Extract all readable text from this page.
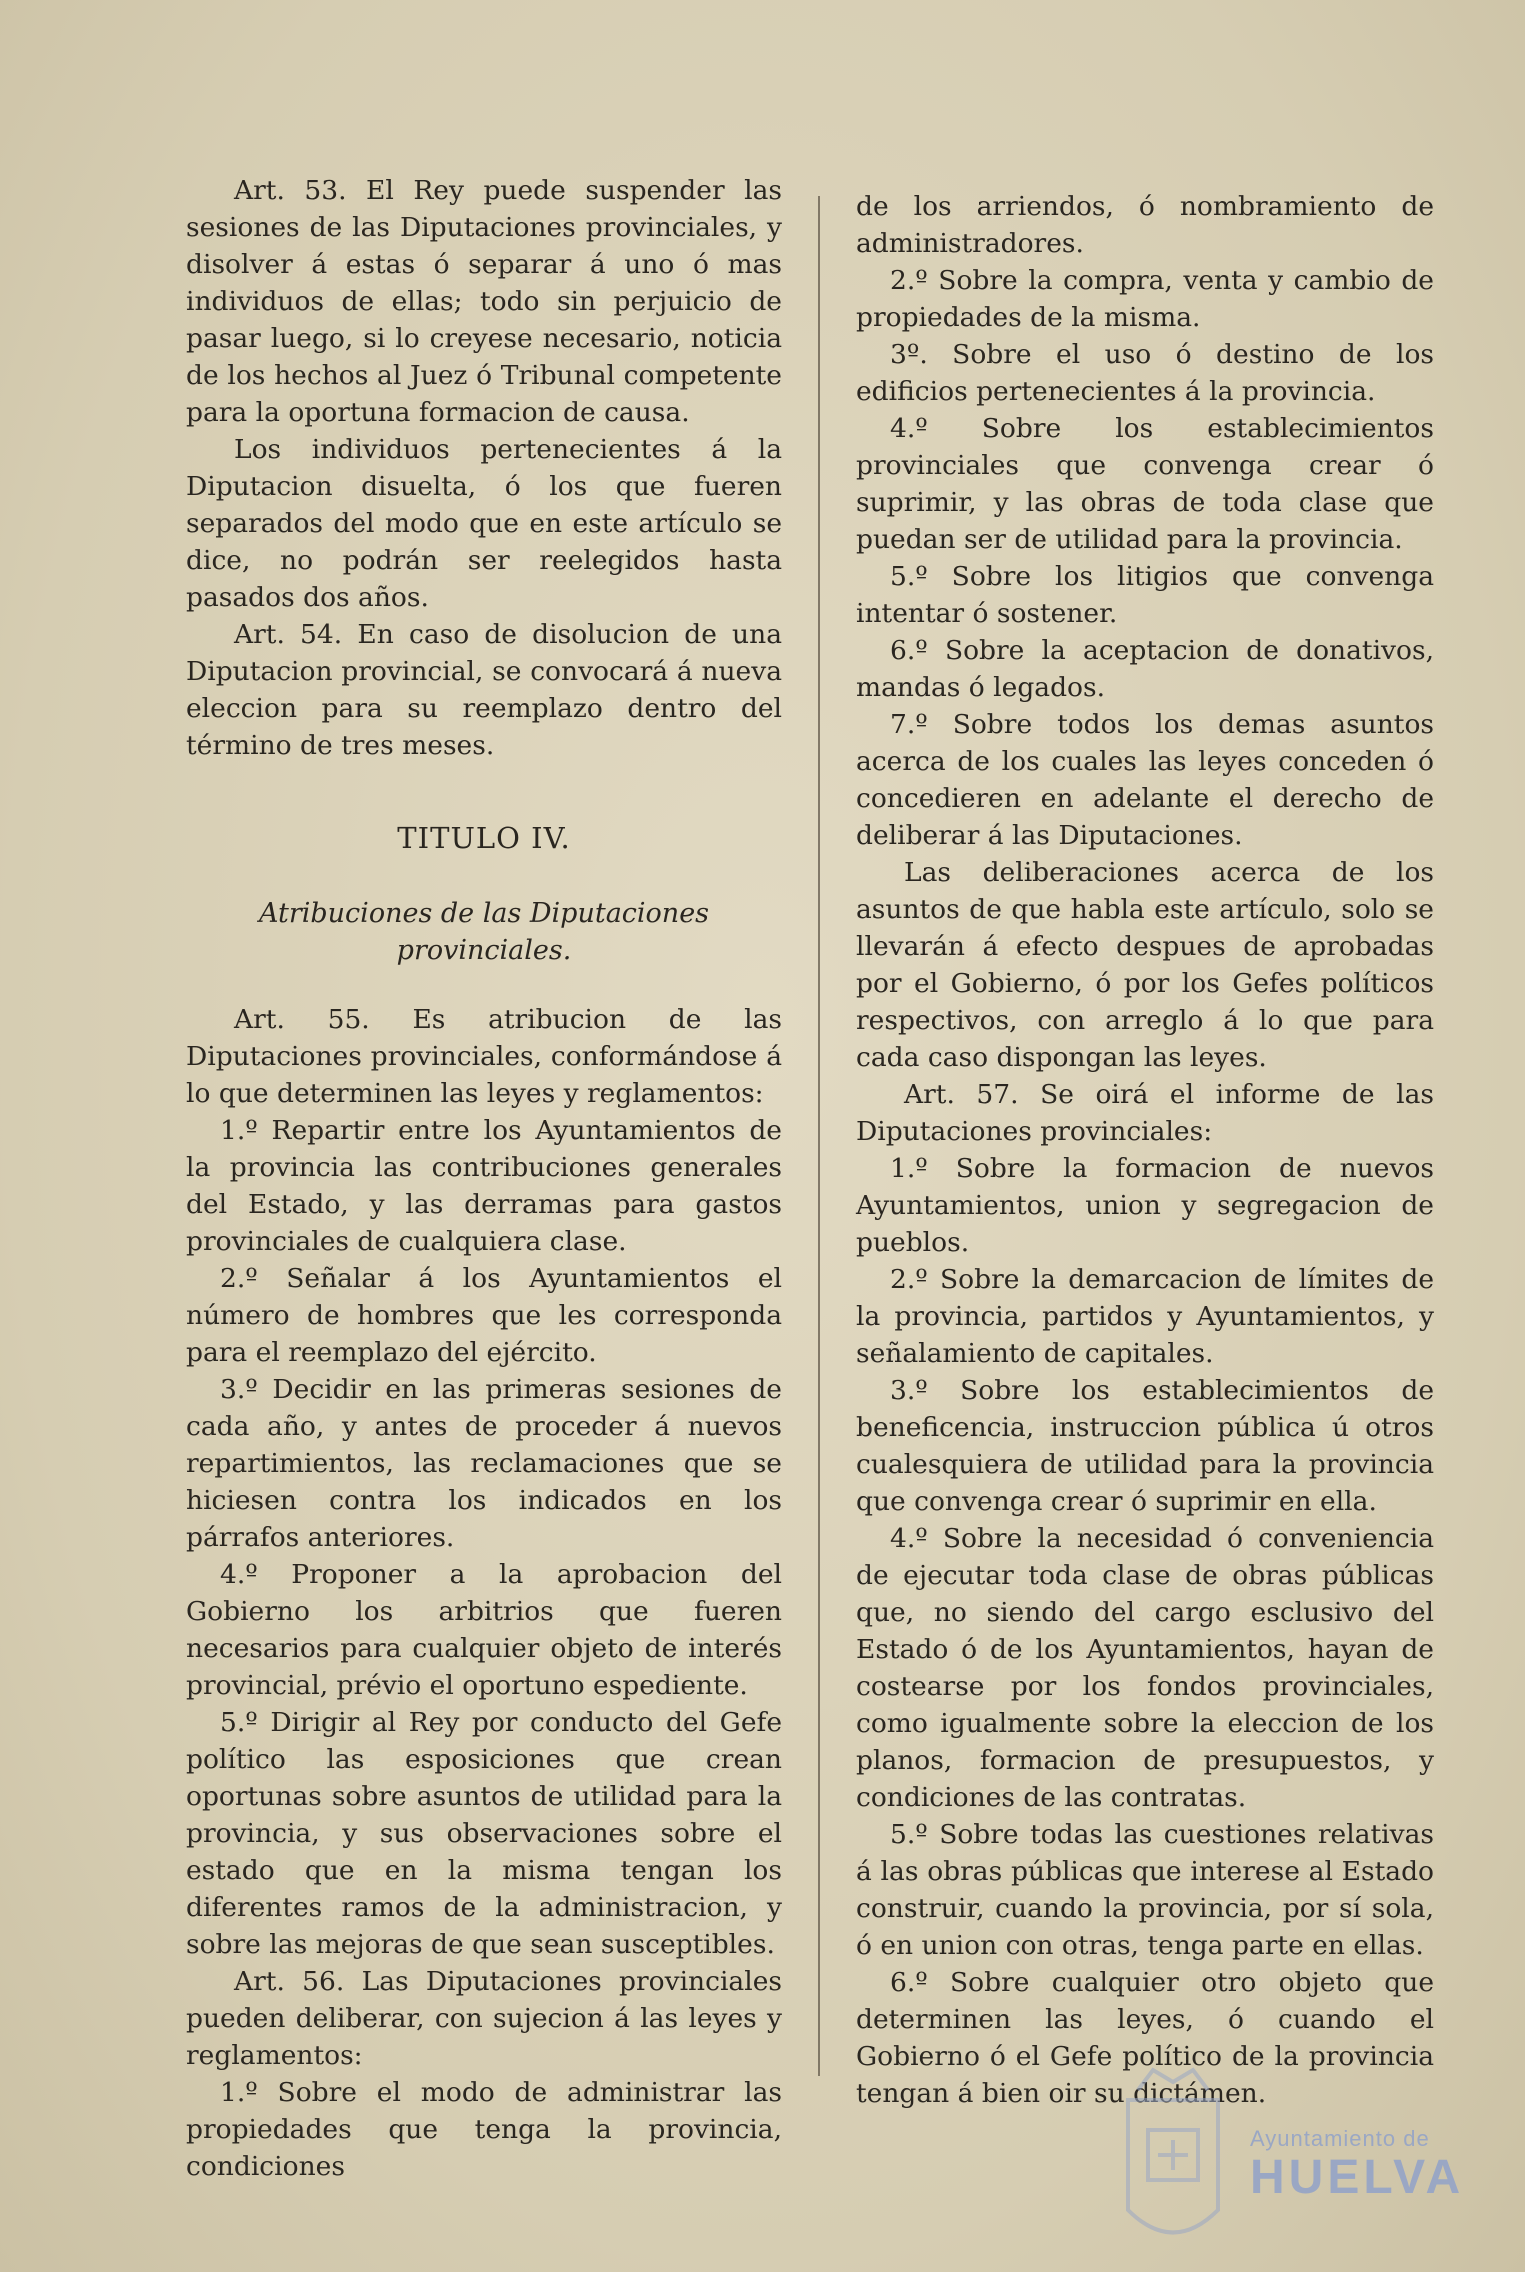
Art. 53. El Rey puede suspender las sesiones de las Diputaciones provinciales, y disolver á estas ó separar á uno ó mas individuos de ellas; todo sin perjuicio de pasar luego, si lo creyese necesario, noticia de los hechos al Juez ó Tribunal competente para la oportuna formacion de causa.

Los individuos pertenecientes á la Diputacion disuelta, ó los que fueren separados del modo que en este artículo se dice, no podrán ser reelegidos hasta pasados dos años.

Art. 54. En caso de disolucion de una Diputacion provincial, se convocará á nueva eleccion para su reemplazo dentro del término de tres meses.

TITULO IV.
Atribuciones de las Diputaciones provinciales.

Art. 55. Es atribucion de las Diputaciones provinciales, conformándose á lo que determinen las leyes y reglamentos:

1.º Repartir entre los Ayuntamientos de la provincia las contribuciones generales del Estado, y las derramas para gastos provinciales de cualquiera clase.

2.º Señalar á los Ayuntamientos el número de hombres que les corresponda para el reemplazo del ejército.

3.º Decidir en las primeras sesiones de cada año, y antes de proceder á nuevos repartimientos, las reclamaciones que se hiciesen contra los indicados en los párrafos anteriores.

4.º Proponer a la aprobacion del Gobierno los arbitrios que fueren necesarios para cualquier objeto de interés provincial, prévio el oportuno espediente.

5.º Dirigir al Rey por conducto del Gefe político las esposiciones que crean oportunas sobre asuntos de utilidad para la provincia, y sus observaciones sobre el estado que en la misma tengan los diferentes ramos de la administracion, y sobre las mejoras de que sean susceptibles.

Art. 56. Las Diputaciones provinciales pueden deliberar, con sujecion á las leyes y reglamentos:

1.º Sobre el modo de administrar las propiedades que tenga la provincia, condiciones

de los arriendos, ó nombramiento de administradores.

2.º Sobre la compra, venta y cambio de propiedades de la misma.

3º. Sobre el uso ó destino de los edificios pertenecientes á la provincia.

4.º Sobre los establecimientos provinciales que convenga crear ó suprimir, y las obras de toda clase que puedan ser de utilidad para la provincia.

5.º Sobre los litigios que convenga intentar ó sostener.

6.º Sobre la aceptacion de donativos, mandas ó legados.

7.º Sobre todos los demas asuntos acerca de los cuales las leyes conceden ó concedieren en adelante el derecho de deliberar á las Diputaciones.

Las deliberaciones acerca de los asuntos de que habla este artículo, solo se llevarán á efecto despues de aprobadas por el Gobierno, ó por los Gefes políticos respectivos, con arreglo á lo que para cada caso dispongan las leyes.

Art. 57. Se oirá el informe de las Diputaciones provinciales:

1.º Sobre la formacion de nuevos Ayuntamientos, union y segregacion de pueblos.

2.º Sobre la demarcacion de límites de la provincia, partidos y Ayuntamientos, y señalamiento de capitales.

3.º Sobre los establecimientos de beneficencia, instruccion pública ú otros cualesquiera de utilidad para la provincia que convenga crear ó suprimir en ella.

4.º Sobre la necesidad ó conveniencia de ejecutar toda clase de obras públicas que, no siendo del cargo esclusivo del Estado ó de los Ayuntamientos, hayan de costearse por los fondos provinciales, como igualmente sobre la eleccion de los planos, formacion de presupuestos, y condiciones de las contratas.

5.º Sobre todas las cuestiones relativas á las obras públicas que interese al Estado construir, cuando la provincia, por sí sola, ó en union con otras, tenga parte en ellas.

6.º Sobre cualquier otro objeto que determinen las leyes, ó cuando el Gobierno ó el Gefe político de la provincia tengan á bien oir su dictámen.

Ayuntamiento de
HUELVA
